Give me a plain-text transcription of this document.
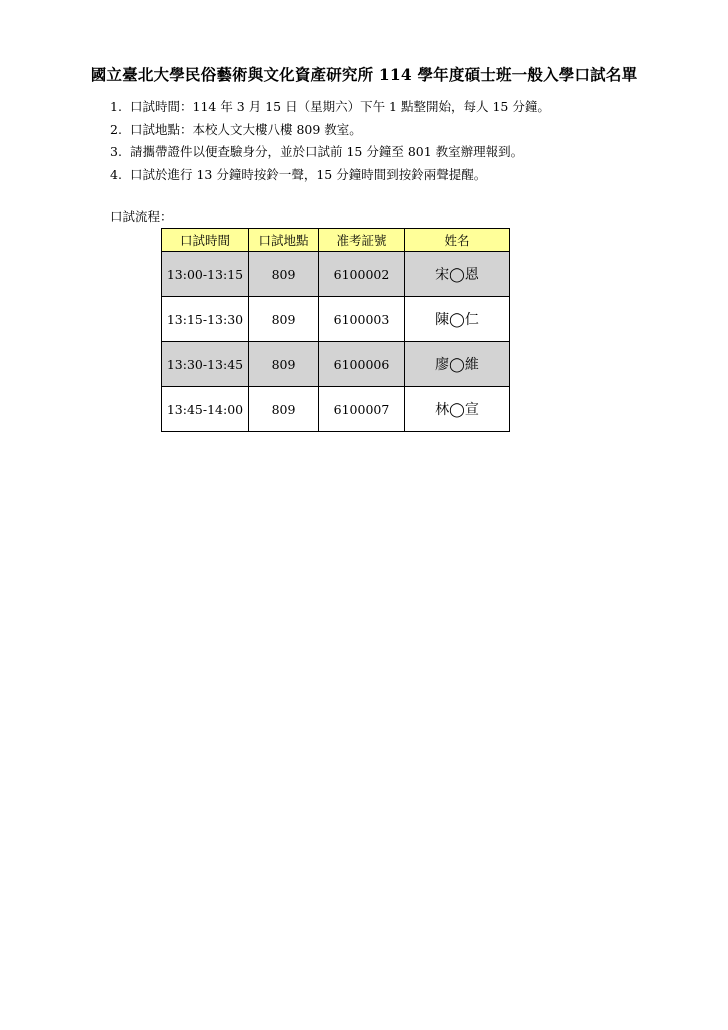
國立臺北大學民俗藝術與文化資產研究所 114 學年度碩士班一般入學口試名單
1. 口試時間：114 年 3 月 15 日（星期六）下午 1 點整開始，每人 15 分鐘。
2. 口試地點：本校人文大樓八樓 809 教室。
3. 請攜帶證件以便查驗身分，並於口試前 15 分鐘至 801 教室辦理報到。
4. 口試於進行 13 分鐘時按鈴一聲，15 分鐘時間到按鈴兩聲提醒。
口試流程：
口試時間	口試地點	准考証號	姓名
13:00-13:15	809	6100002	宋◯恩
13:15-13:30	809	6100003	陳◯仁
13:30-13:45	809	6100006	廖◯維
13:45-14:00	809	6100007	林◯宣
